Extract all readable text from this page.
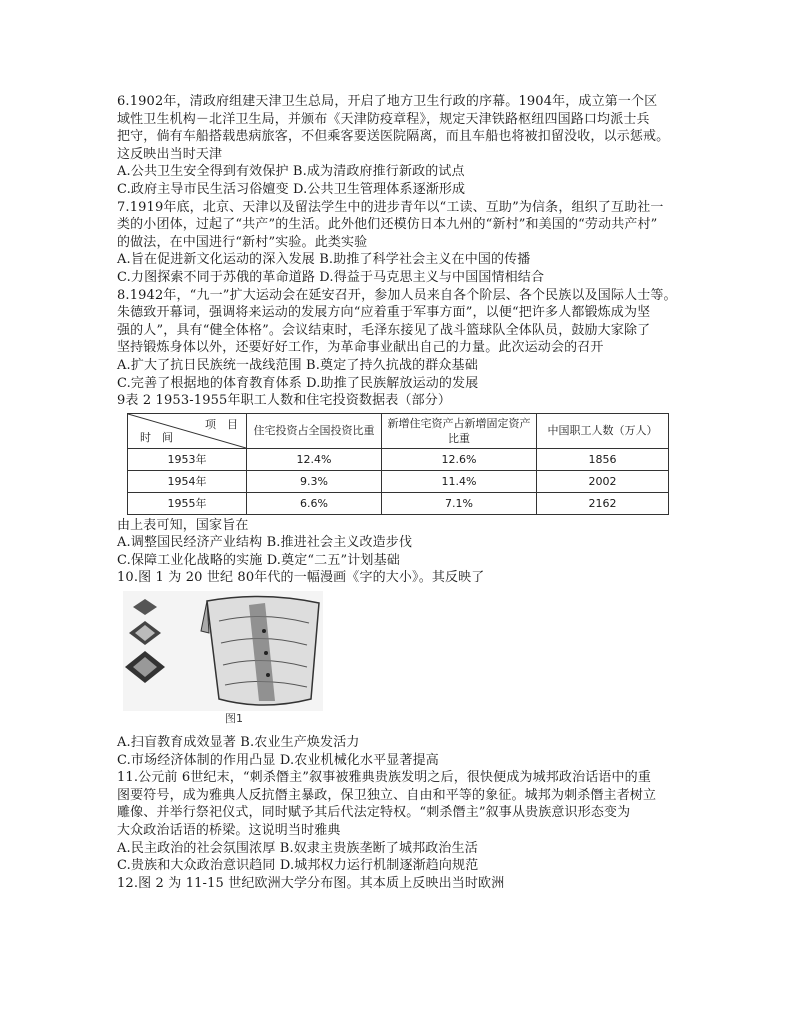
6.1902年，清政府组建天津卫生总局，开启了地方卫生行政的序幕。1904年，成立第一个区
域性卫生机构－北洋卫生局，并颁布《天津防疫章程》，规定天津铁路枢纽四国路口均派士兵
把守，倘有车船搭载患病旅客，不但乘客要送医院隔离，而且车船也将被扣留没收，以示惩戒。
这反映出当时天津
A.公共卫生安全得到有效保护 B.成为清政府推行新政的试点
C.政府主导市民生活习俗嬗变 D.公共卫生管理体系逐渐形成
7.1919年底，北京、天津以及留法学生中的进步青年以“工读、互助”为信条，组织了互助社一
类的小团体，过起了“共产”的生活。此外他们还模仿日本九州的“新村”和美国的“劳动共产村”
的做法，在中国进行“新村”实验。此类实验
A.旨在促进新文化运动的深入发展 B.助推了科学社会主义在中国的传播
C.力图探索不同于苏俄的革命道路 D.得益于马克思主义与中国国情相结合
8.1942年，“九一”扩大运动会在延安召开，参加人员来自各个阶层、各个民族以及国际人士等。
朱德致开幕词，强调将来运动的发展方向“应着重于军事方面”，以便“把许多人都锻炼成为坚
强的人”，具有“健全体格”。会议结束时，毛泽东接见了战斗篮球队全体队员，鼓励大家除了
坚持锻炼身体以外，还要好好工作，为革命事业献出自己的力量。此次运动会的召开
A.扩大了抗日民族统一战线范围 B.奠定了持久抗战的群众基础
C.完善了根据地的体育教育体系 D.助推了民族解放运动的发展
9表 2 1953-1955年职工人数和住宅投资数据表（部分）
项　目
时　间	住宅投资占全国投资比重	新增住宅资产占新增固定资产比重	中国职工人数（万人）
1953年	12.4%	12.6%	1856
1954年	9.3%	11.4%	2002
1955年	6.6%	7.1%	2162
由上表可知，国家旨在
A.调整国民经济产业结构 B.推进社会主义改造步伐
C.保障工业化战略的实施 D.奠定“二五”计划基础
10.图 1 为 20 世纪 80年代的一幅漫画《字的大小》。其反映了
图1
A.扫盲教育成效显著 B.农业生产焕发活力
C.市场经济体制的作用凸显 D.农业机械化水平显著提高
11.公元前 6世纪末，“刺杀僭主”叙事被雅典贵族发明之后，很快便成为城邦政治话语中的重
图要符号，成为雅典人反抗僭主暴政，保卫独立、自由和平等的象征。城邦为刺杀僭主者树立
雕像、并举行祭祀仪式，同时赋予其后代法定特权。“刺杀僭主”叙事从贵族意识形态变为
大众政治话语的桥梁。这说明当时雅典
A.民主政治的社会氛围浓厚 B.奴隶主贵族垄断了城邦政治生活
C.贵族和大众政治意识趋同 D.城邦权力运行机制逐渐趋向规范
12.图 2 为 11-15 世纪欧洲大学分布图。其本质上反映出当时欧洲
